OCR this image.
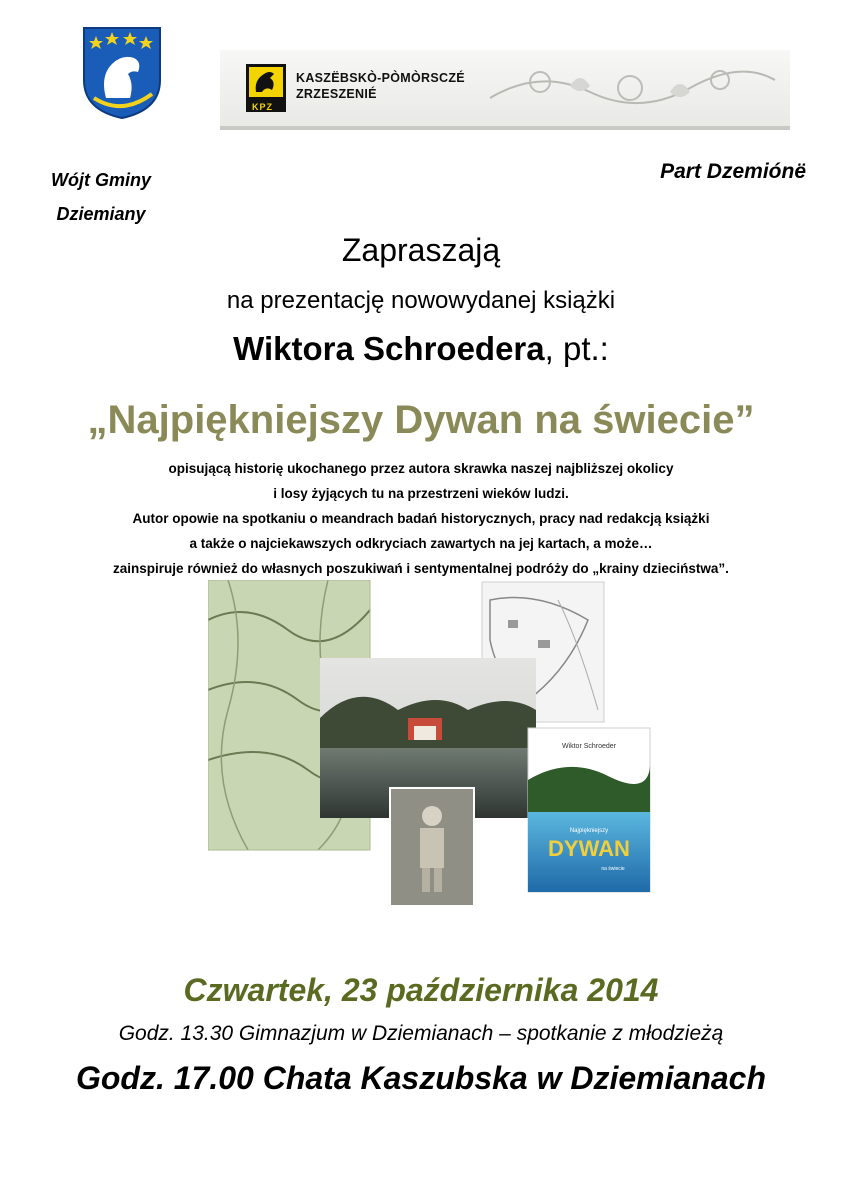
KPZ
KASZËBSKÒ-PÒMÒRSCZÉ
ZRZESZENIÉ
Wójt Gminy
Dziemiany
Part Dzemiónë
Zapraszają
na prezentację nowowydanej książki
Wiktora Schroedera, pt.:
„Najpiękniejszy Dywan na świecie”
opisującą historię ukochanego przez autora skrawka naszej najbliższej okolicy
i losy żyjących tu na przestrzeni wieków ludzi.
Autor opowie na spotkaniu o meandrach badań historycznych, pracy nad redakcją książki
a także o najciekawszych odkryciach zawartych na jej kartach, a może…
zainspiruje również do własnych poszukiwań i sentymentalnej podróży do „krainy dzieciństwa”.
Wiktor Schroeder
Najpiękniejszy
DYWAN
na świecie
Czwartek, 23 października 2014
Godz. 13.30 Gimnazjum w Dziemianach – spotkanie z młodzieżą
Godz. 17.00 Chata Kaszubska w Dziemianach
